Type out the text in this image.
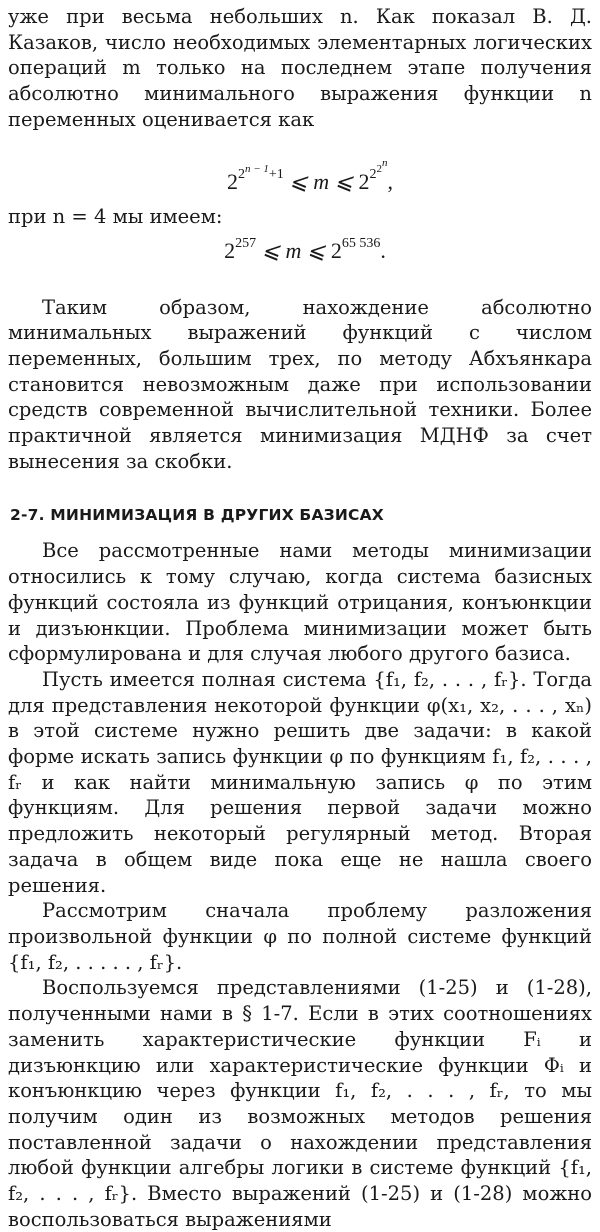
уже при весьма небольших n. Как показал В. Д. Казаков, число необходимых элементарных логических операций m только на последнем этапе получения абсолютно минимального выражения функции n переменных оценивается как

$2^{2^{n - 1}+1}$ ⩽ m ⩽ $2^{2^{2^n}}$,

при n = 4 мы имеем:

$2^{257}$ ⩽ m ⩽ $2^{65 536}$.

Таким образом, нахождение абсолютно минимальных выражений функций с числом переменных, большим трех, по методу Абхъянкара становится невозможным даже при использовании средств современной вычислительной техники. Более практичной является минимизация МДНФ за счет вынесения за скобки.

2-7. МИНИМИЗАЦИЯ В ДРУГИХ БАЗИСАХ

Все рассмотренные нами методы минимизации относились к тому случаю, когда система базисных функций состояла из функций отрицания, конъюнкции и дизъюнкции. Проблема минимизации может быть сформулирована и для случая любого другого базиса.

Пусть имеется полная система {f₁, f₂, . . . , fᵣ}. Тогда для представления некоторой функции φ(x₁, x₂, . . . , xₙ) в этой системе нужно решить две задачи: в какой форме искать запись функции φ по функциям f₁, f₂, . . . , fᵣ и как найти минимальную запись φ по этим функциям. Для решения первой задачи можно предложить некоторый регулярный метод. Вторая задача в общем виде пока еще не нашла своего решения.

Рассмотрим сначала проблему разложения произвольной функции φ по полной системе функций {f₁, f₂, . . . . . , fᵣ}.

Воспользуемся представлениями (1-25) и (1-28), полученными нами в § 1-7. Если в этих соотношениях заменить характеристические функции Fᵢ и дизъюнкцию или характеристические функции Φᵢ и конъюнкцию через функции f₁, f₂, . . . , fᵣ, то мы получим один из возможных методов решения поставленной задачи о нахождении представления любой функции алгебры логики в системе функций {f₁, f₂, . . . , fᵣ}. Вместо выражений (1-25) и (1-28) можно воспользоваться выражениями
